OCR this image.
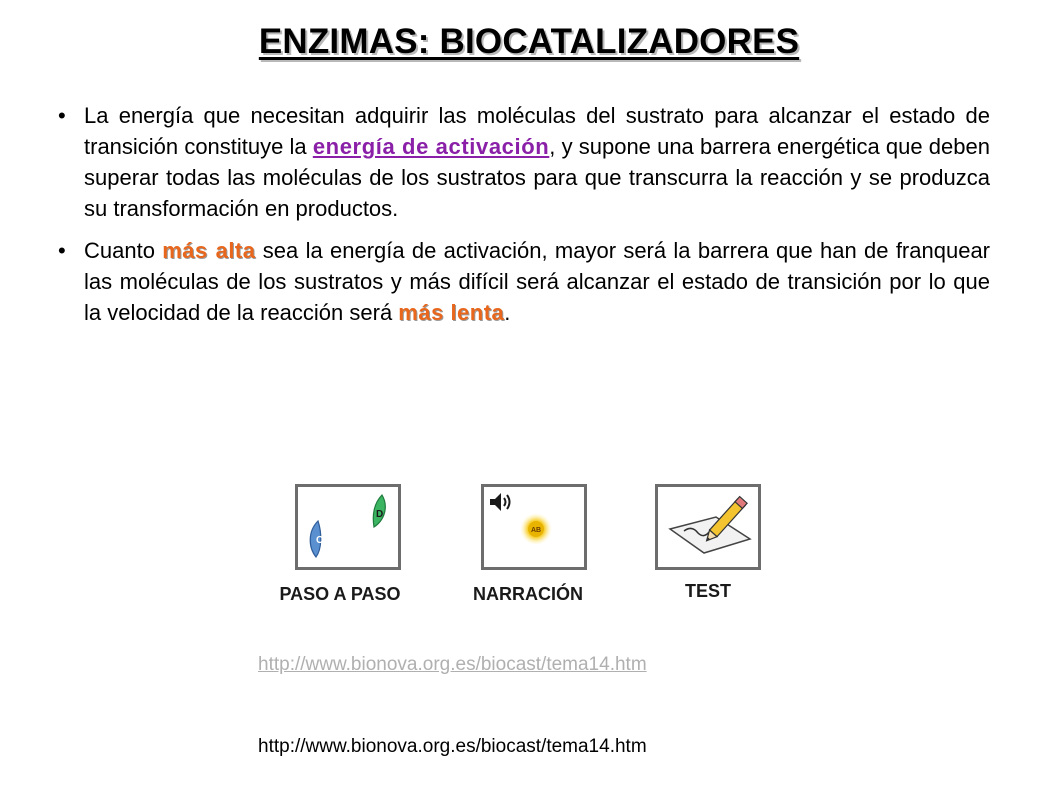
ENZIMAS: BIOCATALIZADORES
• La energía que necesitan adquirir las moléculas del sustrato para alcanzar el estado de transición constituye la energía de activación, y supone una barrera energética que deben superar todas las moléculas de los sustratos para que transcurra la reacción y se produzca su transformación en productos.
• Cuanto más alta sea la energía de activación, mayor será la barrera que han de franquear las moléculas de los sustratos y más difícil será alcanzar el estado de transición por lo que la velocidad de la reacción será más lenta.
C
D
PASO A PASO
AB
NARRACIÓN	TEST
http://www.bionova.org.es/biocast/tema14.htm
http://www.bionova.org.es/biocast/tema14.htm
